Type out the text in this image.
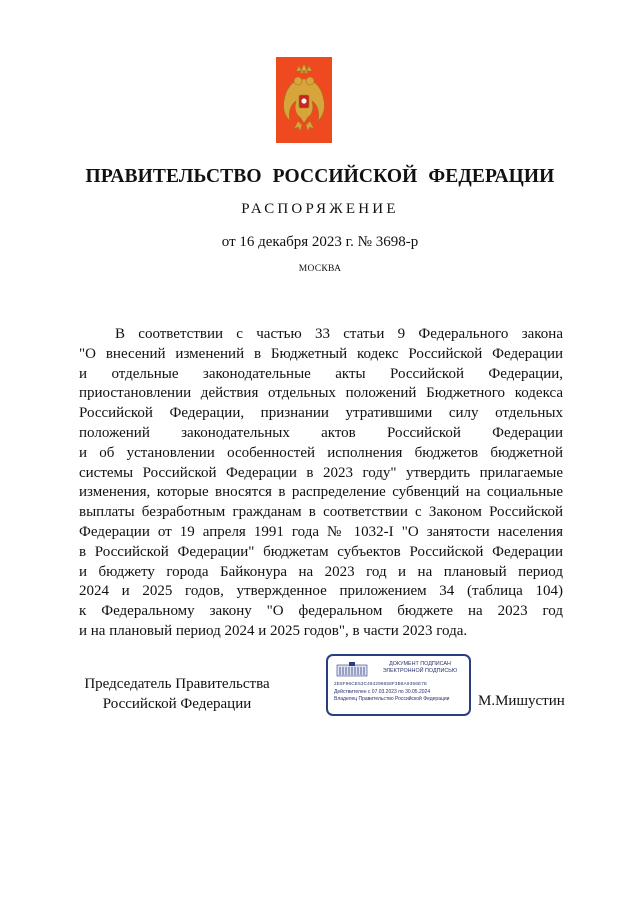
ПРАВИТЕЛЬСТВО РОССИЙСКОЙ ФЕДЕРАЦИИ
РАСПОРЯЖЕНИЕ
от 16 декабря 2023 г. № 3698-р
МОСКВА
В соответствии с частью 33 статьи 9 Федерального закона
"О внесений изменений в Бюджетный кодекс Российской Федерации
и отдельные законодательные акты Российской Федерации,
приостановлении действия отдельных положений Бюджетного кодекса
Российской Федерации, признании утратившими силу отдельных
положений законодательных актов Российской Федерации
и об установлении особенностей исполнения бюджетов бюджетной
системы Российской Федерации в 2023 году" утвердить прилагаемые
изменения, которые вносятся в распределение субвенций на социальные
выплаты безработным гражданам в соответствии с Законом Российской
Федерации от 19 апреля 1991 года № 1032-I "О занятости населения
в Российской Федерации" бюджетам субъектов Российской Федерации
и бюджету города Байконура на 2023 год и на плановый период
2024 и 2025 годов, утвержденное приложением 34 (таблица 104)
к Федеральному закону "О федеральном бюджете на 2023 год
и на плановый период 2024 и 2025 годов", в части 2023 года.
Председатель Правительства
Российской Федерации
ДОКУМЕНТ ПОДПИСАН
ЭЛЕКТРОННОЙ ПОДПИСЬЮ
2E6F96CE53C484298658F3B8A9356E7E
Действителен с 07.03.2023 по 30.05.2024
Владелец Правительство Российской Федерации	М.Мишустин
